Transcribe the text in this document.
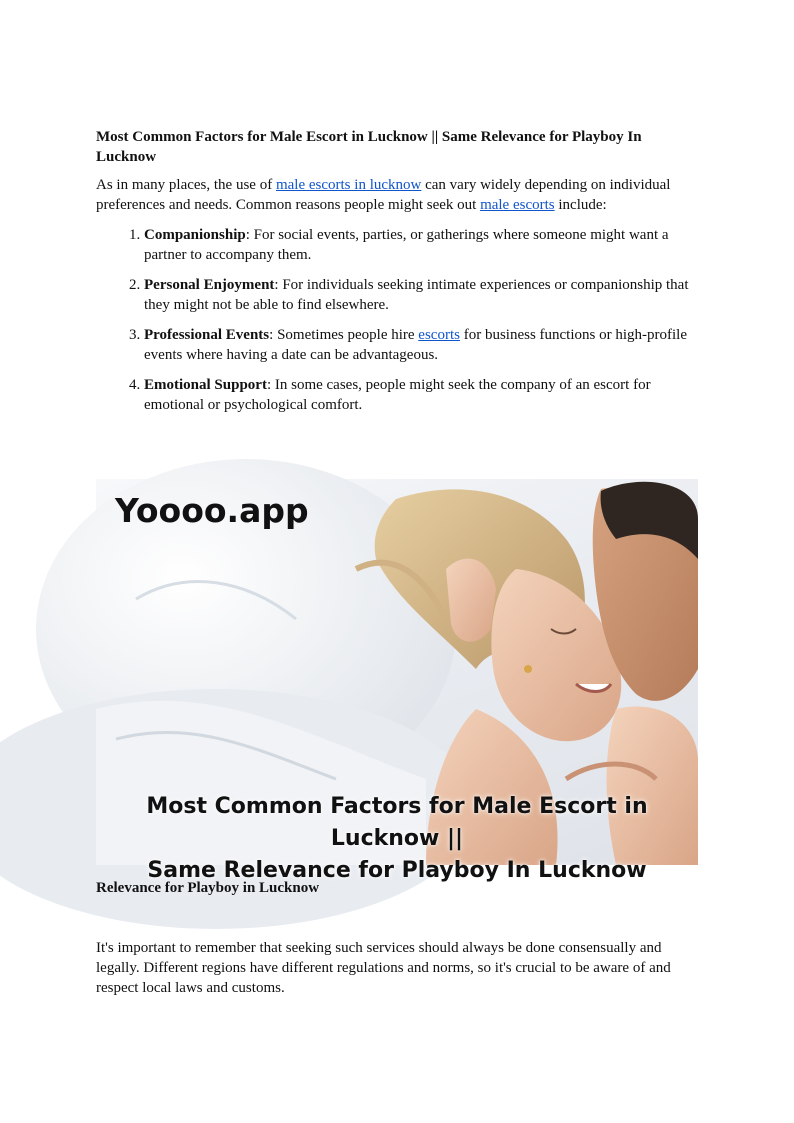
Most Common Factors for Male Escort in Lucknow || Same Relevance for Playboy In Lucknow

As in many places, the use of male escorts in lucknow can vary widely depending on individual preferences and needs. Common reasons people might seek out male escorts include:

1. Companionship: For social events, parties, or gatherings where someone might want a partner to accompany them.
2. Personal Enjoyment: For individuals seeking intimate experiences or companionship that they might not be able to find elsewhere.
3. Professional Events: Sometimes people hire escorts for business functions or high-profile events where having a date can be advantageous.
4. Emotional Support: In some cases, people might seek the company of an escort for emotional or psychological comfort.
Yoooo.app
Most Common Factors for Male Escort in Lucknow ||
Same Relevance for Playboy In Lucknow
Relevance for Playboy in Lucknow

It's important to remember that seeking such services should always be done consensually and legally. Different regions have different regulations and norms, so it's crucial to be aware of and respect local laws and customs.
